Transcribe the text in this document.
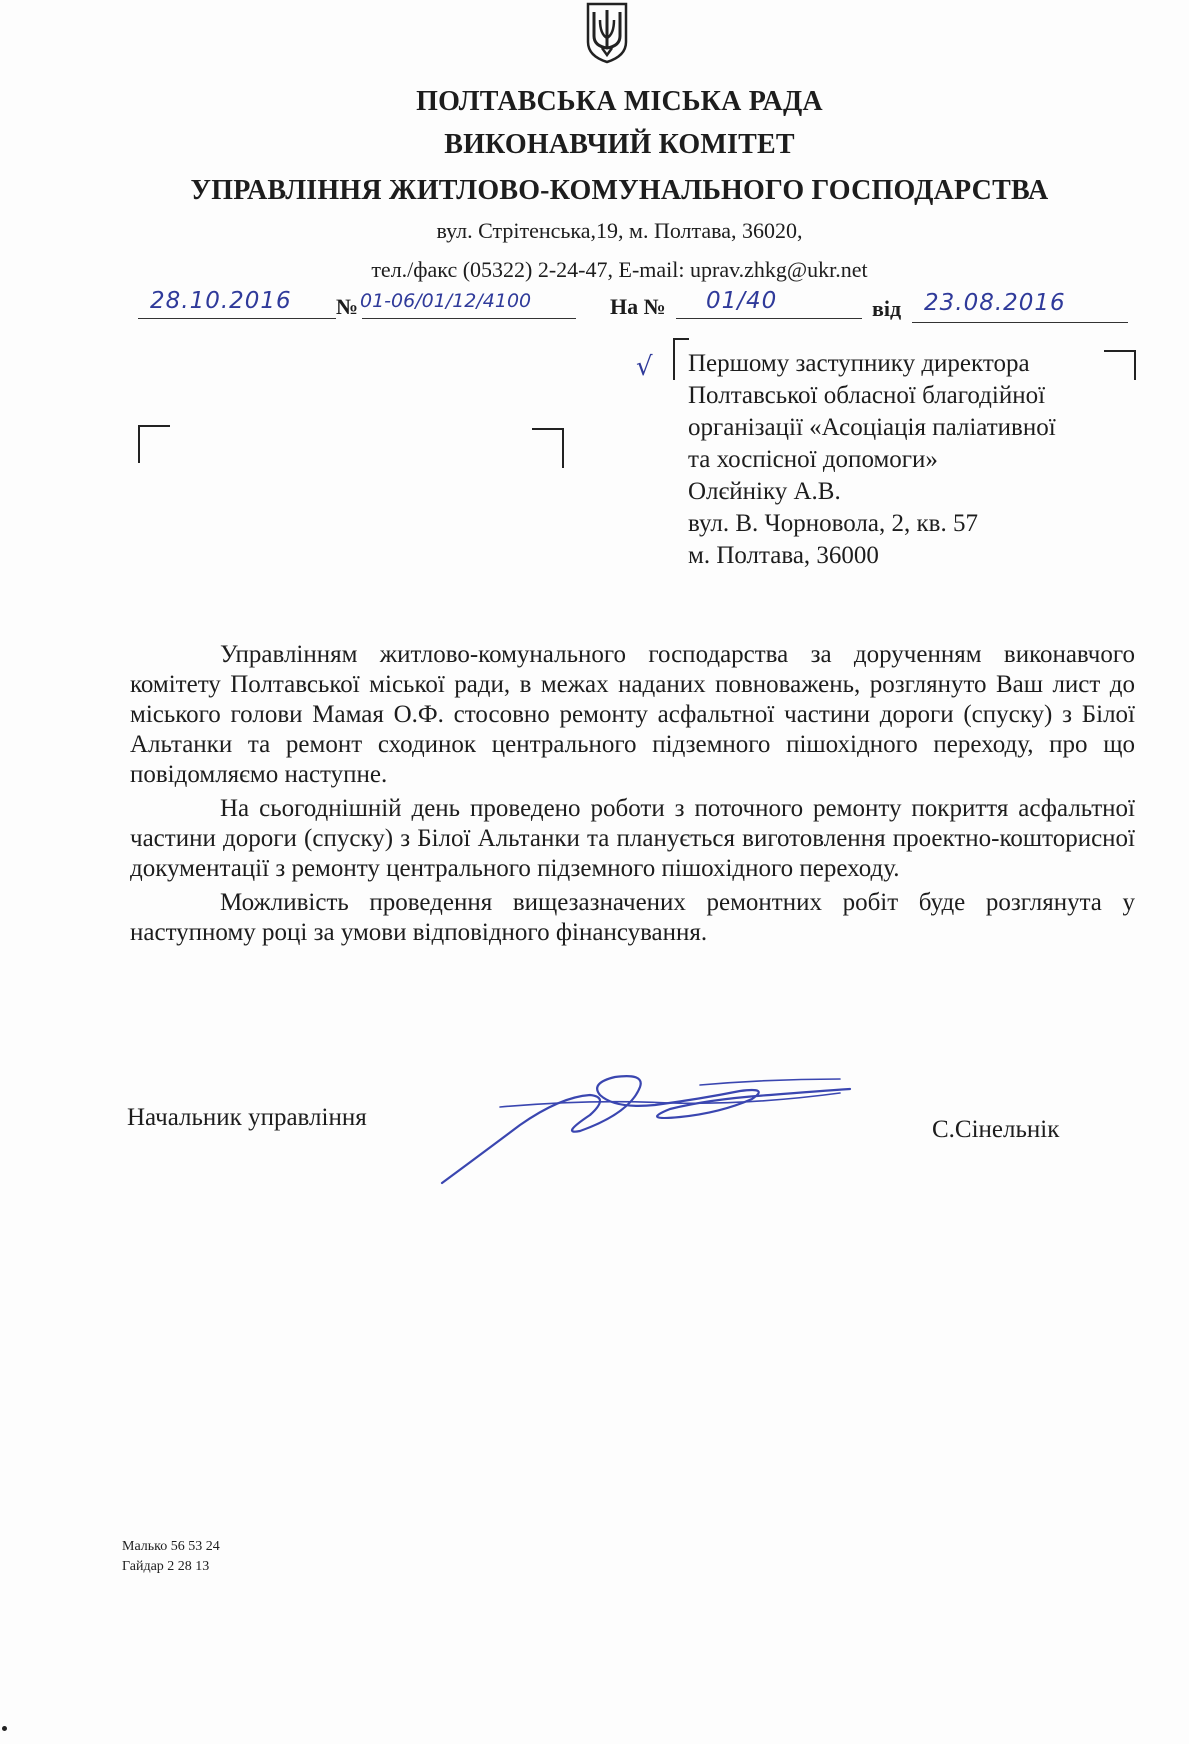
ПОЛТАВСЬКА МІСЬКА РАДА
ВИКОНАВЧИЙ КОМІТЕТ
УПРАВЛІННЯ ЖИТЛОВО-КОМУНАЛЬНОГО ГОСПОДАРСТВА
вул. Стрітенська,19, м. Полтава, 36020,
тел./факс (05322) 2-24-47, E-mail: uprav.zhkg@ukr.net
28.10.2016 № 01-06/01/12/4100	На № 01/40	від 23.08.2016
√ Першому заступнику директора
Полтавської обласної благодійної
організації «Асоціація паліативної
та хоспісної допомоги»
Олєйніку А.В.
вул. В. Чорновола, 2, кв. 57
м. Полтава, 36000

Управлінням житлово-комунального господарства за дорученням виконавчого комітету Полтавської міської ради, в межах наданих повноважень, розглянуто Ваш лист до міського голови Мамая О.Ф. стосовно ремонту асфальтної частини дороги (спуску) з Білої Альтанки та ремонт сходинок центрального підземного пішохідного переходу, про що повідомляємо наступне.

На сьогоднішній день проведено роботи з поточного ремонту покриття асфальтної частини дороги (спуску) з Білої Альтанки та планується виготовлення проектно-кошторисної документації з ремонту центрального підземного пішохідного переходу.

Можливість проведення вищезазначених ремонтних робіт буде розглянута у наступному році за умови відповідного фінансування.

Начальник управління	С.Сінельнік
Малько 56 53 24
Гайдар 2 28 13
